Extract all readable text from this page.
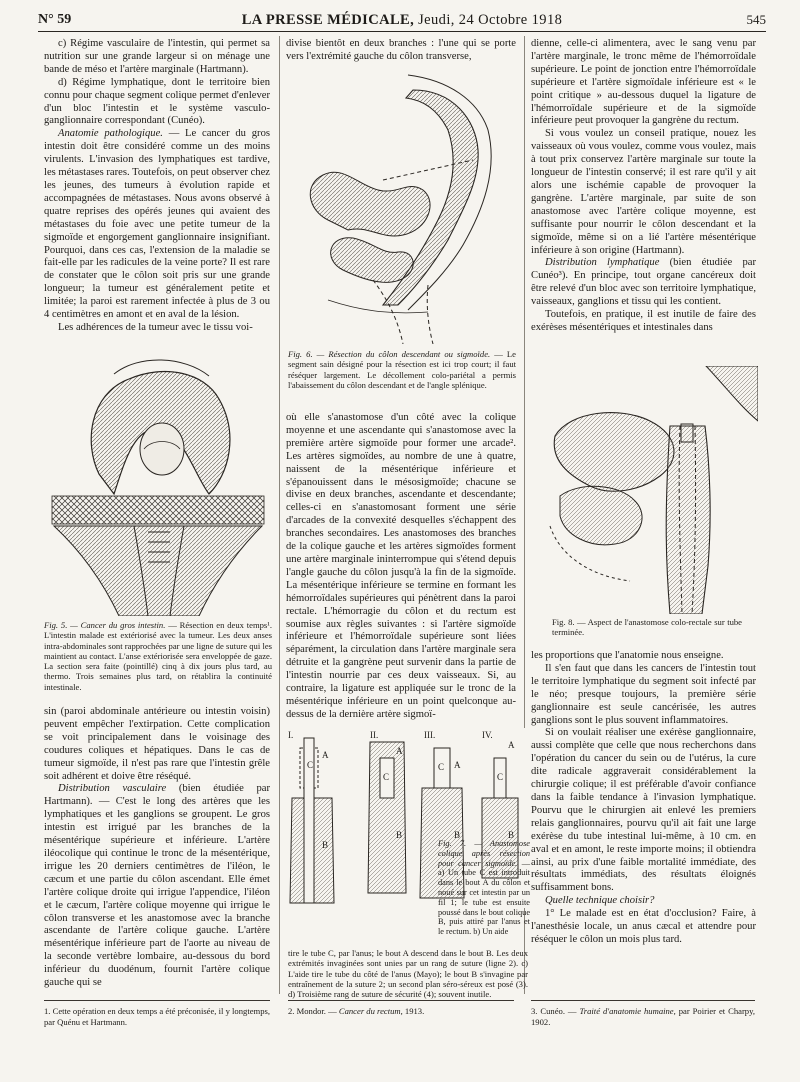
N° 59	LA PRESSE MÉDICALE, Jeudi, 24 Octobre 1918	545

c) Régime vasculaire de l'intestin, qui permet sa nutrition sur une grande largeur si on ménage une bande de méso et l'artère marginale (Hartmann).

d) Régime lymphatique, dont le territoire bien connu pour chaque segment colique permet d'enlever d'un bloc l'intestin et le système vasculo-ganglionnaire correspondant (Cunéo).

Anatomie pathologique. — Le cancer du gros intestin doit être considéré comme un des moins virulents. L'invasion des lymphatiques est tardive, les métastases rares. Toutefois, on peut observer chez les jeunes, des tumeurs à évolution rapide et accompagnées de métastases. Nous avons observé à quatre reprises des opérés jeunes qui avaient des métastases du foie avec une petite tumeur de la sigmoïde et engorgement ganglionnaire insignifiant. Pourquoi, dans ces cas, l'extension de la maladie se fait-elle par les radicules de la veine porte? Il est rare de constater que le côlon soit pris sur une grande longueur; la tumeur est généralement petite et limitée; la paroi est rarement infectée à plus de 3 ou 4 centimètres en amont et en aval de la lésion.

Les adhérences de la tumeur avec le tissu voi-

Fig. 5. — Cancer du gros intestin. — Résection en deux temps¹. L'intestin malade est extériorisé avec la tumeur. Les deux anses intra-abdominales sont rapprochées par une ligne de suture qui les maintient au contact. L'anse extériorisée sera enveloppée de gaze. La section sera faite (pointillé) cinq à dix jours plus tard, au thermo. Trois semaines plus tard, on rétablira la continuité intestinale.

sin (paroi abdominale antérieure ou intestin voisin) peuvent empêcher l'extirpation. Cette complication se voit principalement dans le voisinage des coudures coliques et hépatiques. Dans le cas de tumeur sigmoïde, il n'est pas rare que l'intestin grêle soit adhérent et doive être réséqué.

Distribution vasculaire (bien étudiée par Hartmann). — C'est le long des artères que les lymphatiques et les ganglions se groupent. Le gros intestin est irrigué par les branches de la mésentérique supérieure et inférieure. L'artère iléocolique qui continue le tronc de la mésentérique, irrigue les 20 derniers centimètres de l'iléon, le cæcum et une partie du côlon ascendant. Elle émet l'artère colique droite qui irrigue l'appendice, l'iléon et le cæcum, l'artère colique moyenne qui irrigue le côlon transverse et les anastomose avec la branche ascendante de l'artère colique gauche. L'artère mésentérique inférieure part de l'aorte au niveau de la seconde vertèbre lombaire, au-dessous du bord inférieur du duodénum, fournit l'artère colique gauche qui se

divise bientôt en deux branches : l'une qui se porte vers l'extrémité gauche du côlon transverse,

Fig. 6. — Résection du côlon descendant ou sigmoïde. — Le segment sain désigné pour la résection est ici trop court; il faut réséquer largement. Le décollement colo-pariétal a permis l'abaissement du côlon descendant et de l'angle splénique.

où elle s'anastomose d'un côté avec la colique moyenne et une ascendante qui s'anastomose avec la première artère sigmoïde pour former une arcade². Les artères sigmoïdes, au nombre de une à quatre, naissent de la mésentérique inférieure et s'épanouissent dans le mésosigmoïde; chacune se divise en deux branches, ascendante et descendante; celles-ci en s'anastomosant forment une série d'arcades de la convexité desquelles s'échappent des branches secondaires. Les anastomoses des branches de la colique gauche et les artères sigmoïdes forment une artère marginale ininterrompue qui s'étend depuis l'angle gauche du côlon jusqu'à la fin de la sigmoïde. La mésentérique inférieure se termine en formant les hémorroïdales supérieures qui pénètrent dans la paroi rectale. L'hémorragie du côlon et du rectum est soumise aux règles suivantes : si l'artère sigmoïde inférieure et l'hémorroïdale supérieure sont liées séparément, la circulation dans l'artère marginale sera détruite et la gangrène peut survenir dans la partie de l'intestin nourrie par ces deux vaisseaux. Si, au contraire, la ligature est appliquée sur le tronc de la mésentérique inférieure en un point quelconque au-dessus de la dernière artère sigmoï-

I.	II.	III.	IV.
A
B
C
A
B
C
A
B
C
A
B
C
Fig. 7. — Anastomose colique après résection pour cancer sigmoïde. — a) Un tube C est introduit dans le bout A du côlon et noué sur cet intestin par un fil 1; le tube est ensuite poussé dans le bout colique B, puis attiré par l'anus et le rectum. b) Un aide
tire le tube C, par l'anus; le bout A descend dans le bout B. Les deux extrémités invaginées sont unies par un rang de suture (ligne 2). c) L'aide tire le tube du côté de l'anus (Mayo); le bout B s'invagine par entraînement de la suture 2; un second plan séro-séreux est posé (3). d) Troisième rang de suture de sécurité (4); souvent inutile.

dienne, celle-ci alimentera, avec le sang venu par l'artère marginale, le tronc même de l'hémorroïdale supérieure. Le point de jonction entre l'hémorroïdale supérieure et l'artère sigmoïdale inférieure est « le point critique » au-dessous duquel la ligature de l'hémorroïdale supérieure et de la sigmoïde inférieure peut provoquer la gangrène du rectum.

Si vous voulez un conseil pratique, nouez les vaisseaux où vous voulez, comme vous voulez, mais à tout prix conservez l'artère marginale sur toute la longueur de l'intestin conservé; il est rare qu'il y ait alors une ischémie capable de provoquer la gangrène. L'artère marginale, par suite de son anastomose avec l'artère colique moyenne, est suffisante pour nourrir le côlon descendant et la sigmoïde, même si on a lié l'artère mésentérique inférieure à son origine (Hartmann).

Distribution lymphatique (bien étudiée par Cunéo³). En principe, tout organe cancéreux doit être relevé d'un bloc avec son territoire lymphatique, vaisseaux, ganglions et tissu qui les contient.

Toutefois, en pratique, il est inutile de faire des exérèses mésentériques et intestinales dans

Fig. 8. — Aspect de l'anastomose colo-rectale sur tube terminée.

les proportions que l'anatomie nous enseigne.

Il s'en faut que dans les cancers de l'intestin tout le territoire lymphatique du segment soit infecté par le néo; presque toujours, la première série ganglionnaire est seule cancérisée, les autres ganglions sont le plus souvent inflammatoires.

Si on voulait réaliser une exérèse ganglionnaire, aussi complète que celle que nous recherchons dans l'opération du cancer du sein ou de l'utérus, la cure dite radicale aggraverait considérablement la chirurgie colique; il est préférable d'avoir confiance dans la faible tendance à l'invasion lymphatique. Pourvu que le chirurgien ait enlevé les premiers relais ganglionnaires, pourvu qu'il ait fait une large exérèse du tube intestinal lui-même, à 10 cm. en aval et en amont, le reste importe moins; il obtiendra ainsi, au prix d'une faible mortalité immédiate, des résultats immédiats, des résultats éloignés suffisamment bons.

Quelle technique choisir?

1° Le malade est en état d'occlusion? Faire, à l'anesthésie locale, un anus cæcal et attendre pour réséquer le côlon un mois plus tard.

1. Cette opération en deux temps a été préconisée, il y longtemps, par Quénu et Hartmann.
2. Mondor. — Cancer du rectum, 1913.	3. Cunéo. — Traité d'anatomie humaine, par Poirier et Charpy, 1902.
